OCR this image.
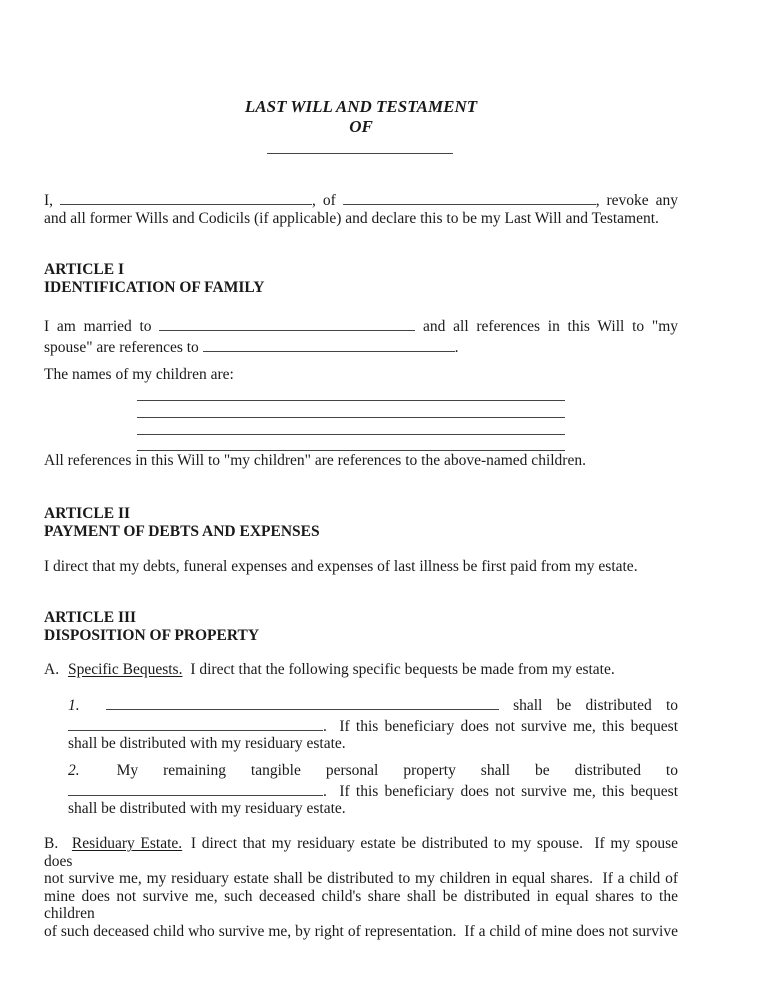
LAST WILL AND TESTAMENT
OF
I,	, of	, revoke any
and all former Wills and Codicils (if applicable) and declare this to be my Last Will and Testament.
ARTICLE I
IDENTIFICATION OF FAMILY
I am married to	and all references in this Will to "my
spouse" are references to	.
The names of my children are:
All references in this Will to "my children" are references to the above-named children.
ARTICLE II
PAYMENT OF DEBTS AND EXPENSES
I direct that my debts, funeral expenses and expenses of last illness be first paid from my estate.
ARTICLE III
DISPOSITION OF PROPERTY
A. Specific Bequests. I direct that the following specific bequests be made from my estate.
1.	shall be distributed to
.  If this beneficiary does not survive me, this bequest
shall be distributed with my residuary estate.
2. My remaining tangible personal property shall be distributed to
.  If this beneficiary does not survive me, this bequest
shall be distributed with my residuary estate.
B. Residuary Estate. I direct that my residuary estate be distributed to my spouse.  If my spouse does
not survive me, my residuary estate shall be distributed to my children in equal shares.  If a child of
mine does not survive me, such deceased child's share shall be distributed in equal shares to the children
of such deceased child who survive me, by right of representation.  If a child of mine does not survive
